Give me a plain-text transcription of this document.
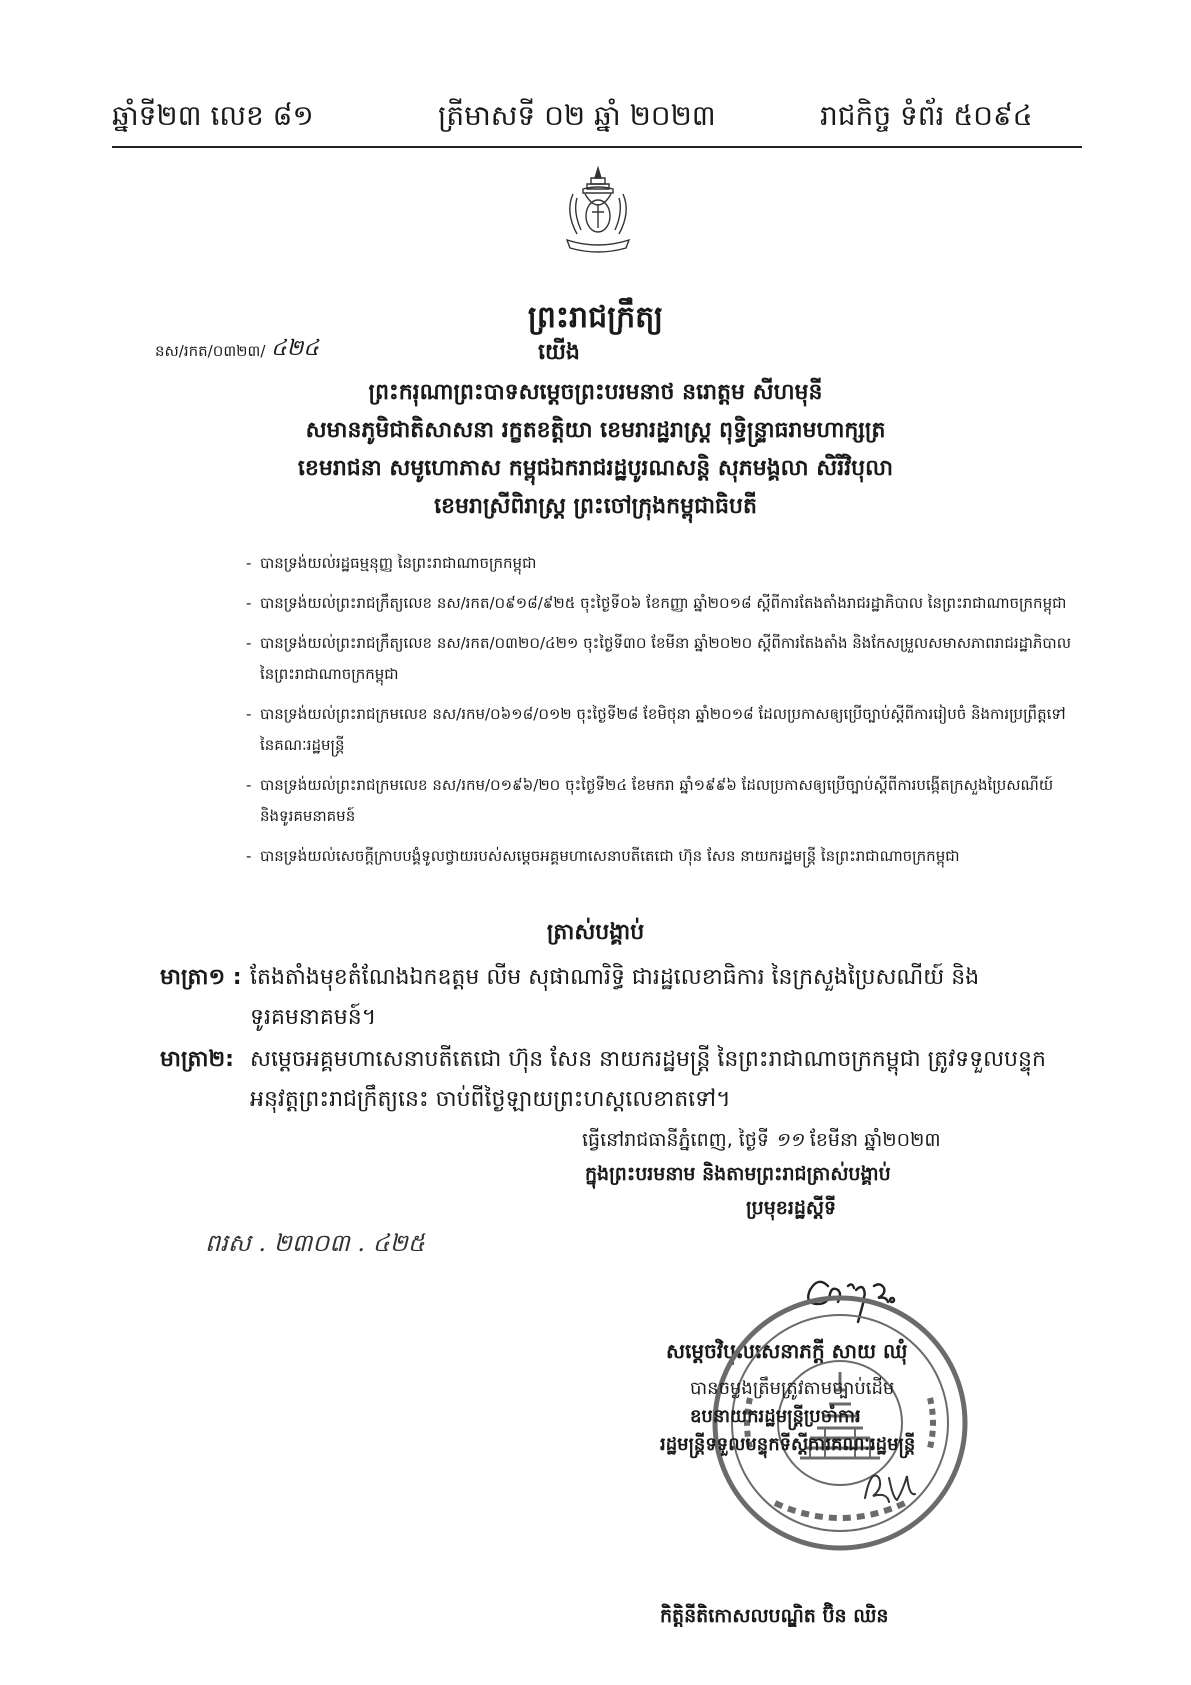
ឆ្នាំទី២៣ លេខ ៨១	ត្រីមាសទី ០២ ឆ្នាំ ២០២៣	រាជកិច្ច ទំព័រ ៥០៩៤
ព្រះរាជក្រឹត្យ
នស/រកត/០៣២៣/ ៤២៤	យើង
ព្រះករុណាព្រះបាទសម្ដេចព្រះបរមនាថ នរោត្ដម សីហមុនី
សមានភូមិជាតិសាសនា រក្ខតខត្តិយា ខេមរារដ្ឋរាស្ត្រ ពុទ្ធិន្ទ្រាធរាមហាក្សត្រ
ខេមរាជនា សមូហោភាស កម្ពុជឯករាជរដ្ឋបូរណសន្តិ សុភមង្គលា សិរីវិបុលា
ខេមរាស្រីពិរាស្ត្រ ព្រះចៅក្រុងកម្ពុជាធិបតី
- បានទ្រង់យល់រដ្ឋធម្មនុញ្ញ នៃព្រះរាជាណាចក្រកម្ពុជា
- បានទ្រង់យល់ព្រះរាជក្រឹត្យលេខ នស/រកត/០៩១៨/៩២៥ ចុះថ្ងៃទី០៦ ខែកញ្ញា ឆ្នាំ២០១៨ ស្តីពីការតែងតាំងរាជរដ្ឋាភិបាល នៃព្រះរាជាណាចក្រកម្ពុជា
- បានទ្រង់យល់ព្រះរាជក្រឹត្យលេខ នស/រកត/០៣២០/៤២១ ចុះថ្ងៃទី៣០ ខែមីនា ឆ្នាំ២០២០ ស្តីពីការតែងតាំង និងកែសម្រួលសមាសភាពរាជរដ្ឋាភិបាល នៃព្រះរាជាណាចក្រកម្ពុជា
- បានទ្រង់យល់ព្រះរាជក្រមលេខ នស/រកម/០៦១៨/០១២ ចុះថ្ងៃទី២៨ ខែមិថុនា ឆ្នាំ២០១៨ ដែលប្រកាសឲ្យប្រើច្បាប់ស្តីពីការរៀបចំ និងការប្រព្រឹត្តទៅនៃគណៈរដ្ឋមន្ត្រី
- បានទ្រង់យល់ព្រះរាជក្រមលេខ នស/រកម/០១៩៦/២០ ចុះថ្ងៃទី២៤ ខែមករា ឆ្នាំ១៩៩៦ ដែលប្រកាសឲ្យប្រើច្បាប់ស្តីពីការបង្កើតក្រសួងប្រៃសណីយ៍ និងទូរគមនាគមន៍
- បានទ្រង់យល់សេចក្តីក្រាបបង្គំទូលថ្វាយរបស់សម្តេចអគ្គមហាសេនាបតីតេជោ ហ៊ុន សែន នាយករដ្ឋមន្ត្រី នៃព្រះរាជាណាចក្រកម្ពុជា
ត្រាស់បង្គាប់
មាត្រា១ : តែងតាំងមុខតំណែងឯកឧត្តម លីម សុផាណារិទ្ធិ ជារដ្ឋលេខាធិការ នៃក្រសួងប្រៃសណីយ៍ និងទូរគមនាគមន៍។
មាត្រា២: សម្តេចអគ្គមហាសេនាបតីតេជោ ហ៊ុន សែន នាយករដ្ឋមន្ត្រី នៃព្រះរាជាណាចក្រកម្ពុជា ត្រូវទទួលបន្ទុកអនុវត្តព្រះរាជក្រឹត្យនេះ ចាប់ពីថ្ងៃឡាយព្រះហស្តលេខាតទៅ។
ធ្វើនៅរាជធានីភ្នំពេញ, ថ្ងៃទី ១១ ខែមីនា ឆ្នាំ២០២៣
ក្នុងព្រះបរមនាម និងតាមព្រះរាជត្រាស់បង្គាប់
ប្រមុខរដ្ឋស្តីទី
ពរស . ២៣០៣ . ៤២៥
សម្តេចវិបុលសេនាភក្តី សាយ ឈុំ
បានចម្លងត្រឹមត្រូវតាមច្បាប់ដើម
ឧបនាយករដ្ឋមន្ត្រីប្រចាំការ
រដ្ឋមន្ត្រីទទួលបន្ទុកទីស្តីការគណៈរដ្ឋមន្ត្រី
កិត្តិនីតិកោសលបណ្ឌិត ប៊ិន ឈិន
